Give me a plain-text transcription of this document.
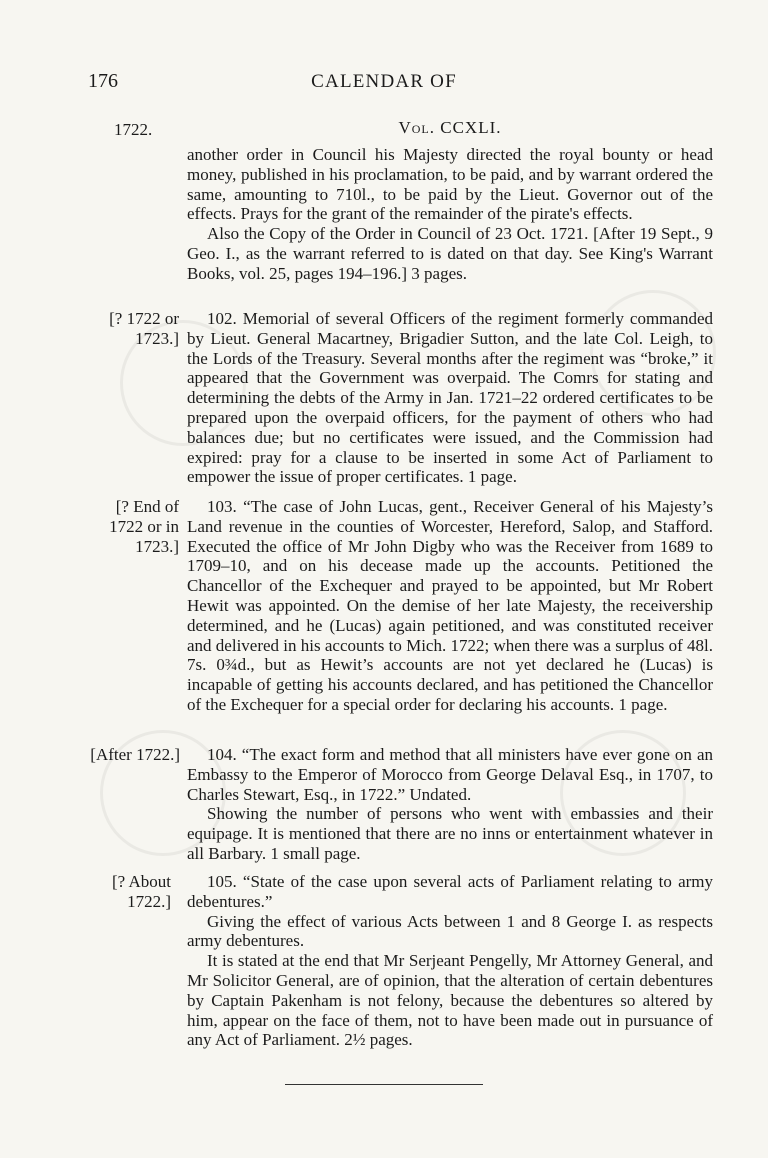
176	CALENDAR OF
1722.	Vol. CCXLI.

another order in Council his Majesty directed the royal bounty or head money, published in his proclamation, to be paid, and by warrant ordered the same, amounting to 710l., to be paid by the Lieut. Governor out of the effects. Prays for the grant of the remainder of the pirate's effects.

Also the Copy of the Order in Council of 23 Oct. 1721. [After 19 Sept., 9 Geo. I., as the warrant referred to is dated on that day. See King's Warrant Books, vol. 25, pages 194–196.] 3 pages.

[? 1722 or
1723.]

102. Memorial of several Officers of the regiment formerly commanded by Lieut. General Macartney, Brigadier Sutton, and the late Col. Leigh, to the Lords of the Treasury. Several months after the regiment was “broke,” it appeared that the Government was overpaid. The Comrs for stating and determining the debts of the Army in Jan. 1721–22 ordered certificates to be prepared upon the overpaid officers, for the payment of others who had balances due; but no certificates were issued, and the Commission had expired: pray for a clause to be inserted in some Act of Parliament to empower the issue of proper certificates. 1 page.

[? End of
1722 or in
1723.]

103. “The case of John Lucas, gent., Receiver General of his Majesty’s Land revenue in the counties of Worcester, Hereford, Salop, and Stafford. Executed the office of Mr John Digby who was the Receiver from 1689 to 1709–10, and on his decease made up the accounts. Petitioned the Chancellor of the Exchequer and prayed to be appointed, but Mr Robert Hewit was appointed. On the demise of her late Majesty, the receivership determined, and he (Lucas) again petitioned, and was constituted receiver and delivered in his accounts to Mich. 1722; when there was a surplus of 48l. 7s. 0¾d., but as Hewit’s accounts are not yet declared he (Lucas) is incapable of getting his accounts declared, and has petitioned the Chancellor of the Exchequer for a special order for declaring his accounts. 1 page.

[After 1722.]	104. “The exact form and method that all ministers have ever gone on an Embassy to the Emperor of Morocco from George Delaval Esq., in 1707, to Charles Stewart, Esq., in 1722.” Undated.

Showing the number of persons who went with embassies and their equipage. It is mentioned that there are no inns or entertainment whatever in all Barbary. 1 small page.

[? About
1722.]

105. “State of the case upon several acts of Parliament relating to army debentures.”

Giving the effect of various Acts between 1 and 8 George I. as respects army debentures.

It is stated at the end that Mr Serjeant Pengelly, Mr Attorney General, and Mr Solicitor General, are of opinion, that the alteration of certain debentures by Captain Pakenham is not felony, because the debentures so altered by him, appear on the face of them, not to have been made out in pursuance of any Act of Parliament. 2½ pages.
